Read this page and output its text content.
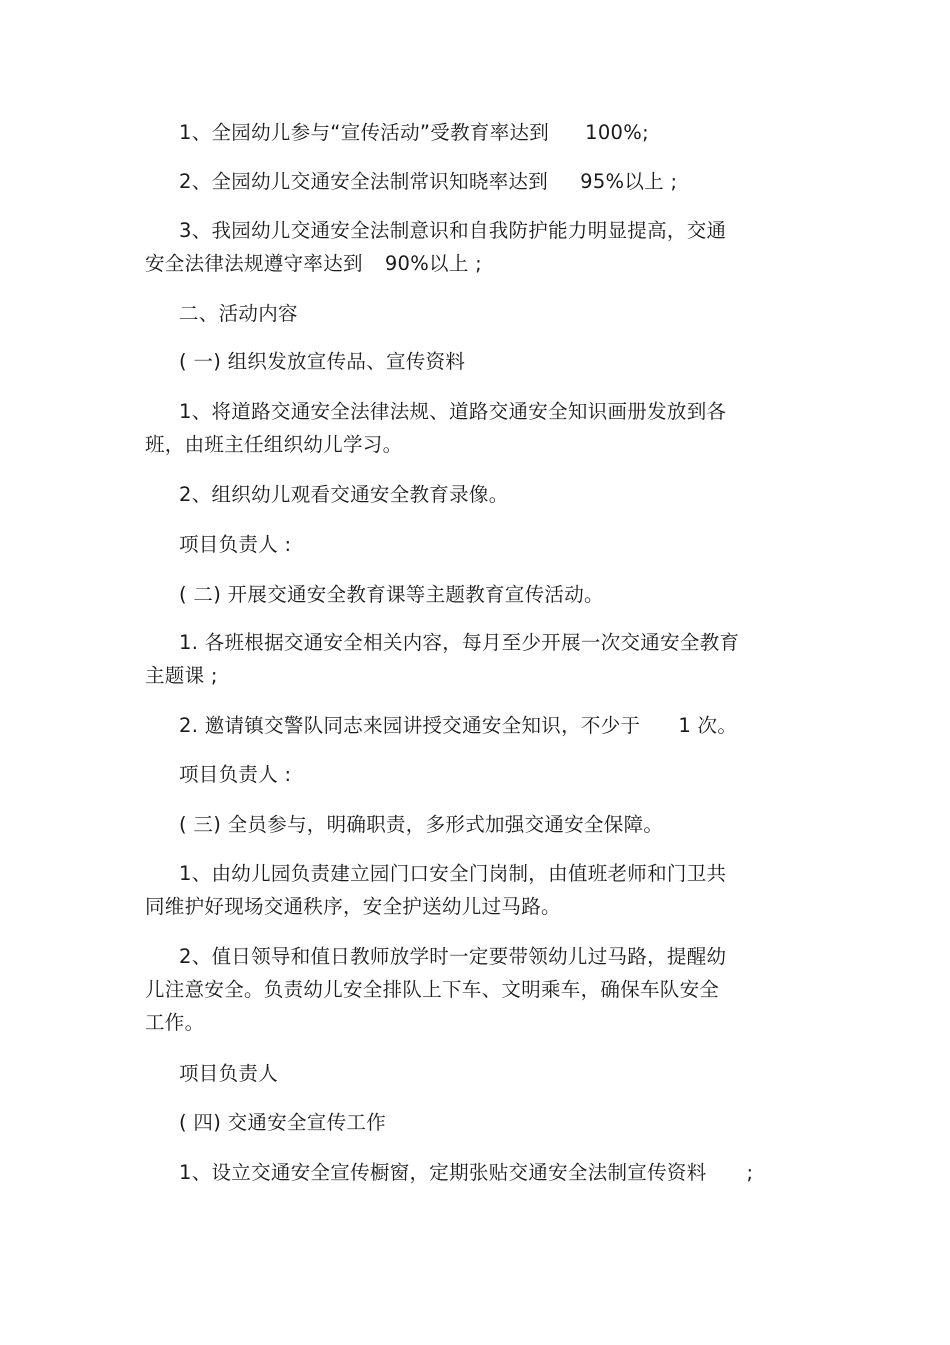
1、全园幼儿参与“宣传活动”受教育率达到 100%;

2、全园幼儿交通安全法制常识知晓率达到 95%以上 ;

3、我园幼儿交通安全法制意识和自我防护能力明显提高，交通
安全法律法规遵守率达到 90%以上 ;

二、活动内容

( 一) 组织发放宣传品、宣传资料

1、将道路交通安全法律法规、道路交通安全知识画册发放到各
班，由班主任组织幼儿学习。

2、组织幼儿观看交通安全教育录像。

项目负责人 :

( 二) 开展交通安全教育课等主题教育宣传活动。

1. 各班根据交通安全相关内容，每月至少开展一次交通安全教育
主题课 ;

2. 邀请镇交警队同志来园讲授交通安全知识，不少于 1 次。

项目负责人 :

( 三) 全员参与，明确职责，多形式加强交通安全保障。

1、由幼儿园负责建立园门口安全门岗制，由值班老师和门卫共
同维护好现场交通秩序，安全护送幼儿过马路。

2、值日领导和值日教师放学时一定要带领幼儿过马路，提醒幼
儿注意安全。负责幼儿安全排队上下车、文明乘车，确保车队安全
工作。

项目负责人

( 四) 交通安全宣传工作

1、设立交通安全宣传橱窗，定期张贴交通安全法制宣传资料 ;
